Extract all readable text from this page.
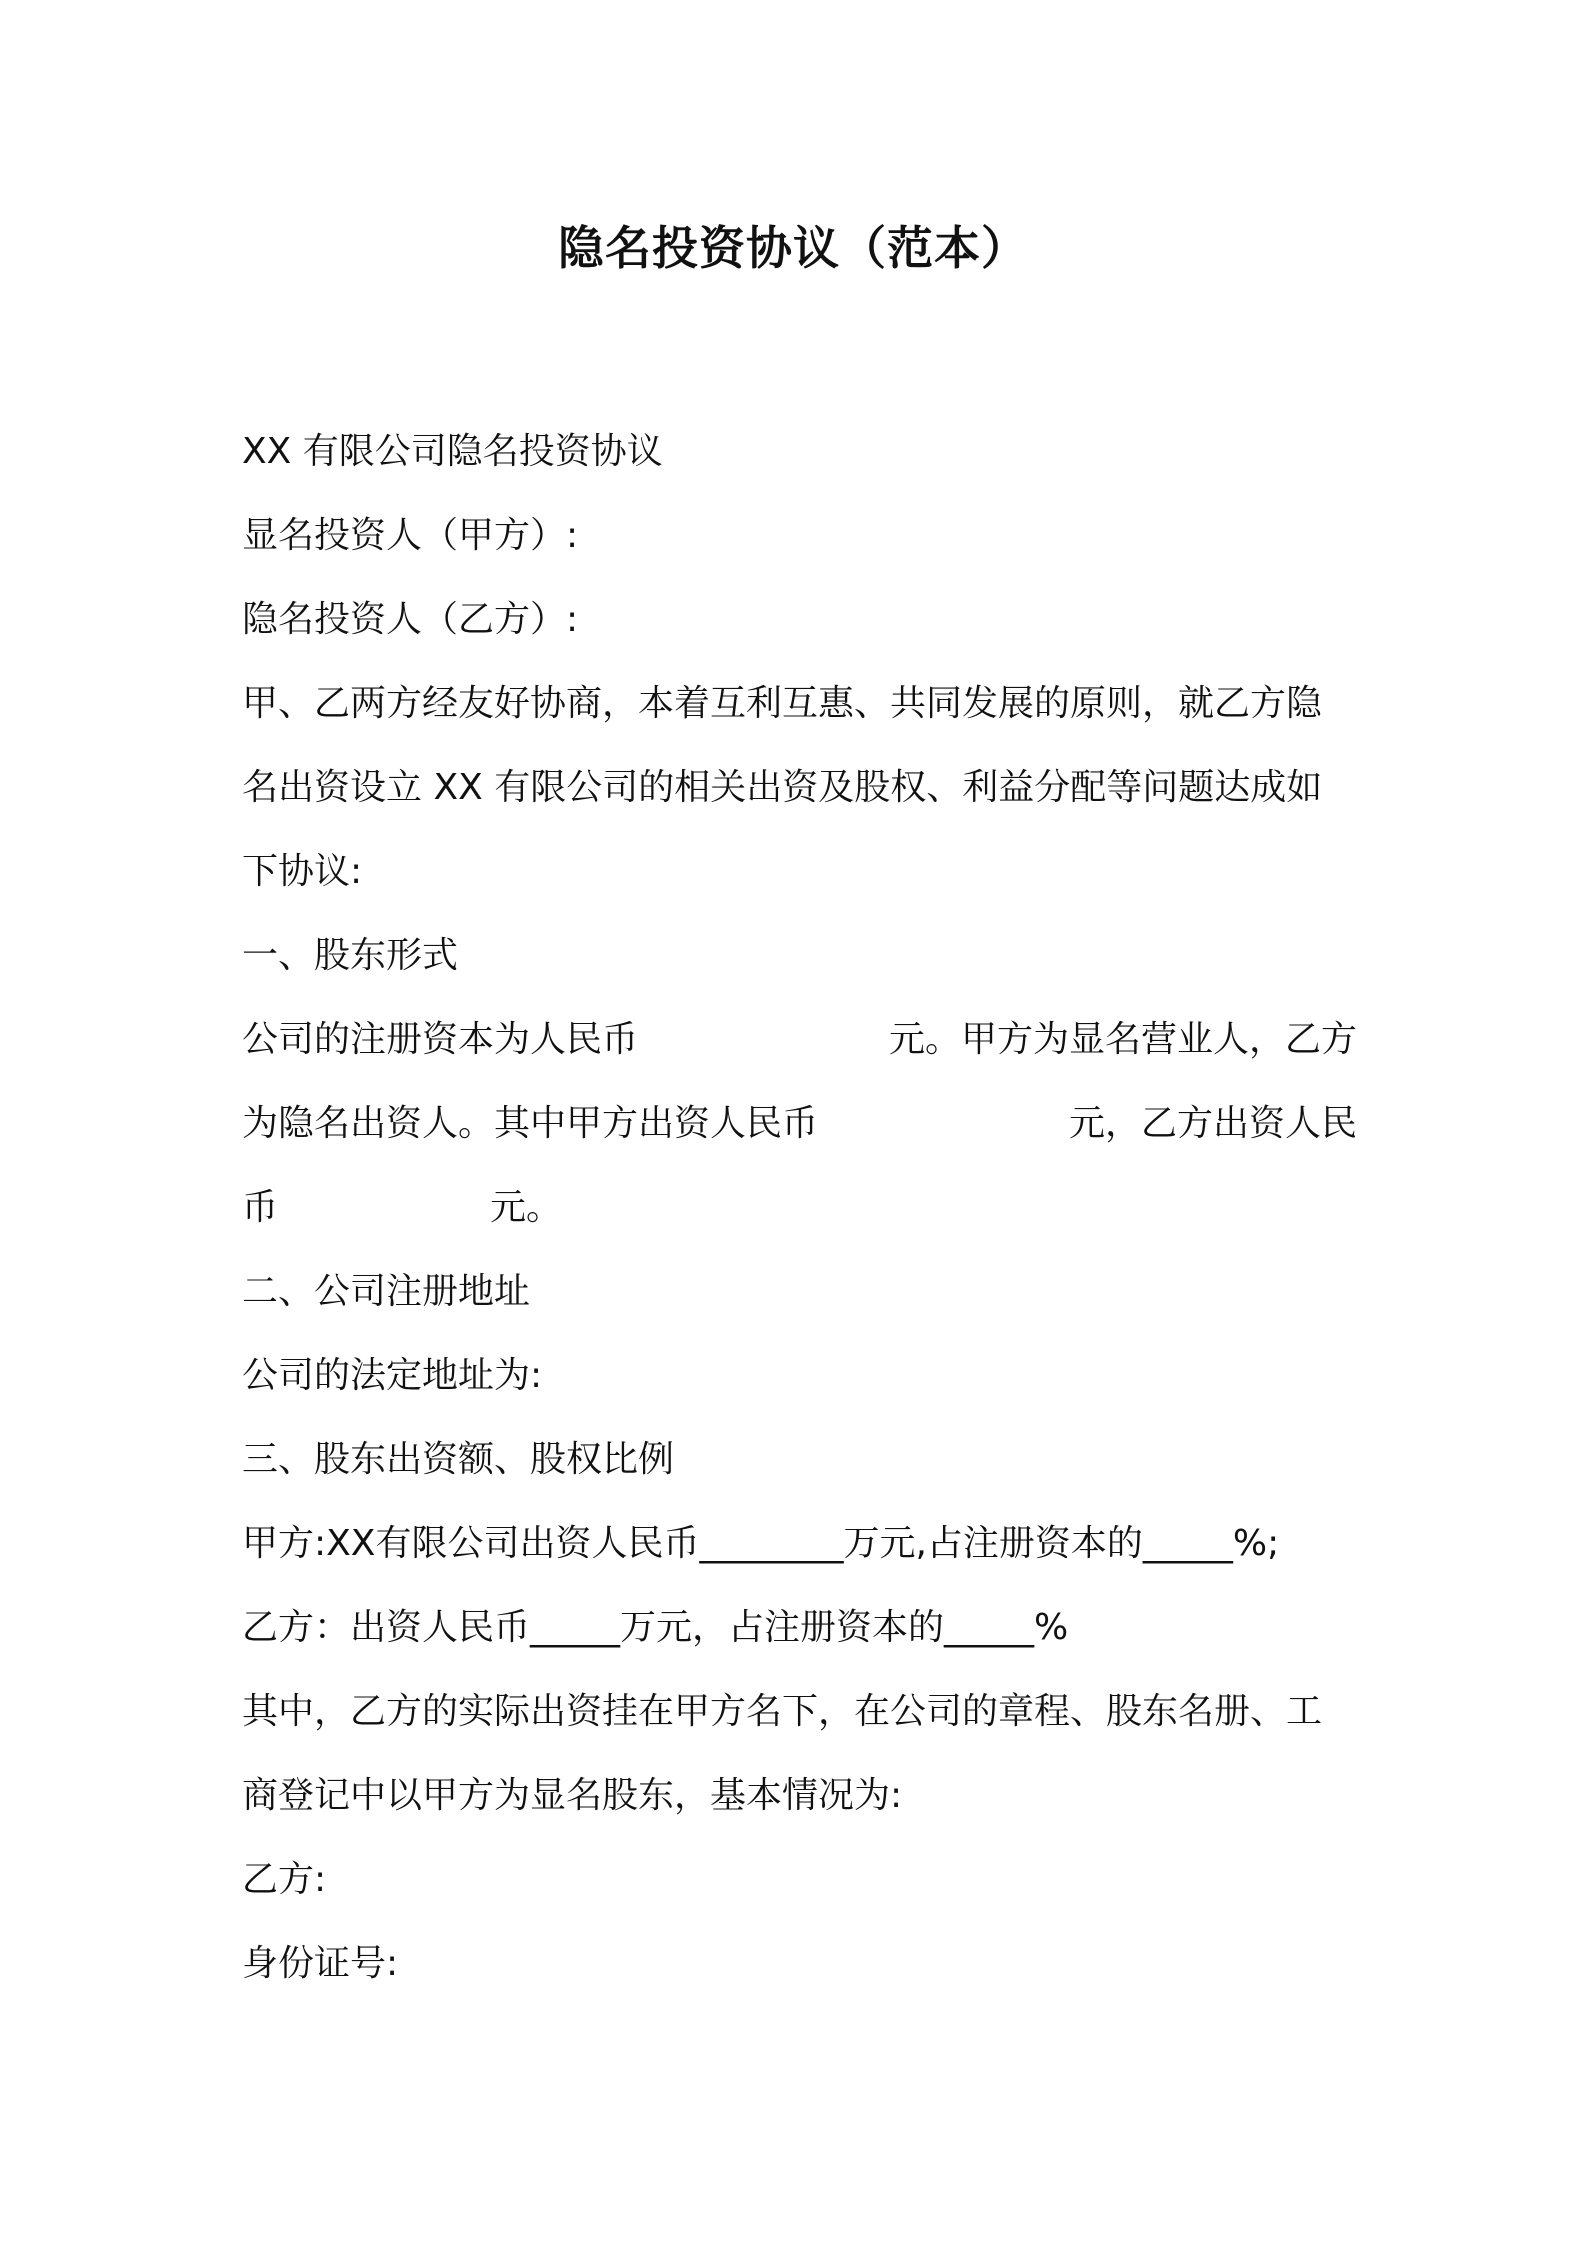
隐名投资协议（范本）
XX 有限公司隐名投资协议
显名投资人（甲方）:
隐名投资人（乙方）:
甲、乙两方经友好协商，本着互利互惠、共同发展的原则，就乙方隐
名出资设立 XX 有限公司的相关出资及股权、利益分配等问题达成如
下协议:
一、股东形式
公司的注册资本为人民币	元。甲方为显名营业人，乙方
为隐名出资人。其中甲方出资人民币	元，乙方出资人民
币	元。
二、公司注册地址
公司的法定地址为:
三、股东出资额、股权比例
甲方:XX有限公司出资人民币________万元,占注册资本的_____%;
乙方：出资人民币_____万元，占注册资本的_____%
其中，乙方的实际出资挂在甲方名下，在公司的章程、股东名册、工
商登记中以甲方为显名股东，基本情况为:
乙方:
身份证号:
